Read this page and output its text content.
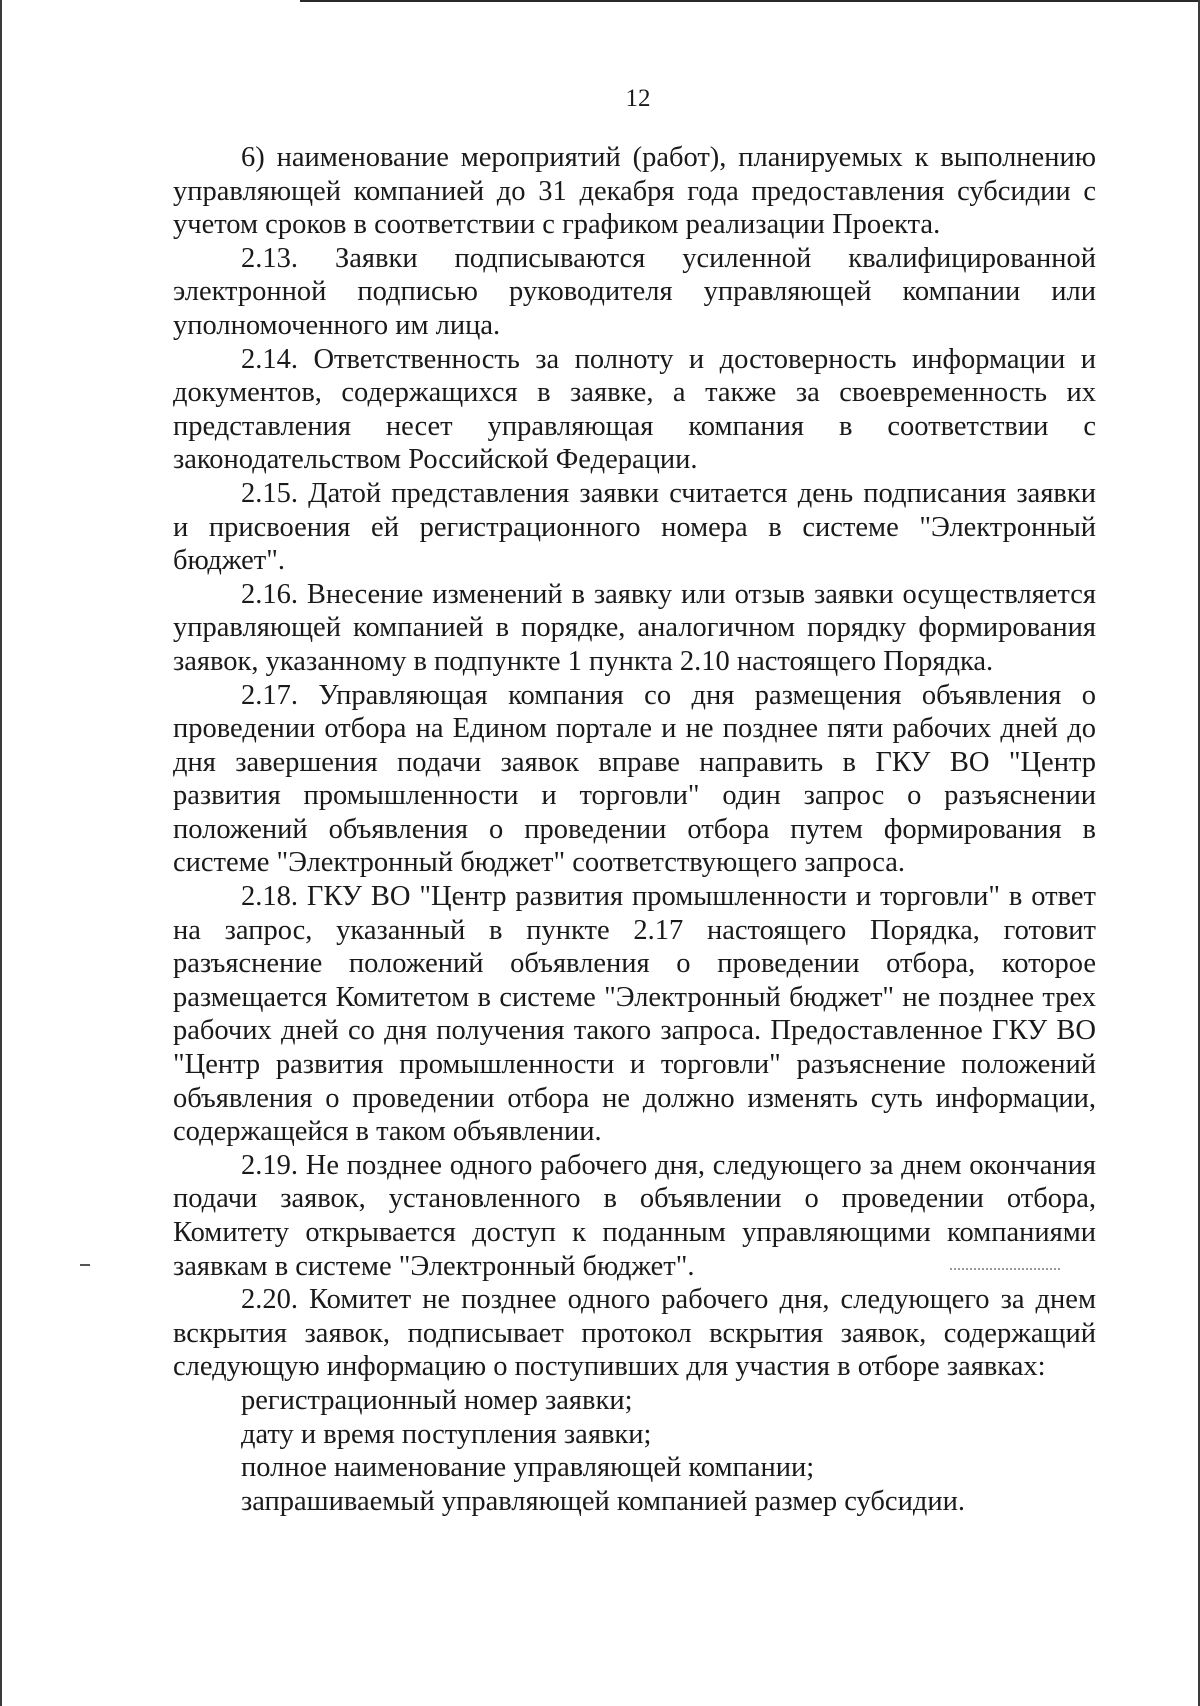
12

6) наименование мероприятий (работ), планируемых к выполнению управляющей компанией до 31 декабря года предоставления субсидии с учетом сроков в соответствии с графиком реализации Проекта.

2.13. Заявки подписываются усиленной квалифицированной электронной подписью руководителя управляющей компании или уполномоченного им лица.

2.14. Ответственность за полноту и достоверность информации и документов, содержащихся в заявке, а также за своевременность их представления несет управляющая компания в соответствии с законодательством Российской Федерации.

2.15. Датой представления заявки считается день подписания заявки и присвоения ей регистрационного номера в системе "Электронный бюджет".

2.16. Внесение изменений в заявку или отзыв заявки осуществляется управляющей компанией в порядке, аналогичном порядку формирования заявок, указанному в подпункте 1 пункта 2.10 настоящего Порядка.

2.17. Управляющая компания со дня размещения объявления о проведении отбора на Едином портале и не позднее пяти рабочих дней до дня завершения подачи заявок вправе направить в ГКУ ВО "Центр развития промышленности и торговли" один запрос о разъяснении положений объявления о проведении отбора путем формирования в системе "Электронный бюджет" соответствующего запроса.

2.18. ГКУ ВО "Центр развития промышленности и торговли" в ответ на запрос, указанный в пункте 2.17 настоящего Порядка, готовит разъяснение положений объявления о проведении отбора, которое размещается Комитетом в системе "Электронный бюджет" не позднее трех рабочих дней со дня получения такого запроса. Предоставленное ГКУ ВО "Центр развития промышленности и торговли" разъяснение положений объявления о проведении отбора не должно изменять суть информации, содержащейся в таком объявлении.

2.19. Не позднее одного рабочего дня, следующего за днем окончания подачи заявок, установленного в объявлении о проведении отбора, Комитету открывается доступ к поданным управляющими компаниями заявкам в системе "Электронный бюджет".

2.20. Комитет не позднее одного рабочего дня, следующего за днем вскрытия заявок, подписывает протокол вскрытия заявок, содержащий следующую информацию о поступивших для участия в отборе заявках:

регистрационный номер заявки;

дату и время поступления заявки;

полное наименование управляющей компании;

запрашиваемый управляющей компанией размер субсидии.
